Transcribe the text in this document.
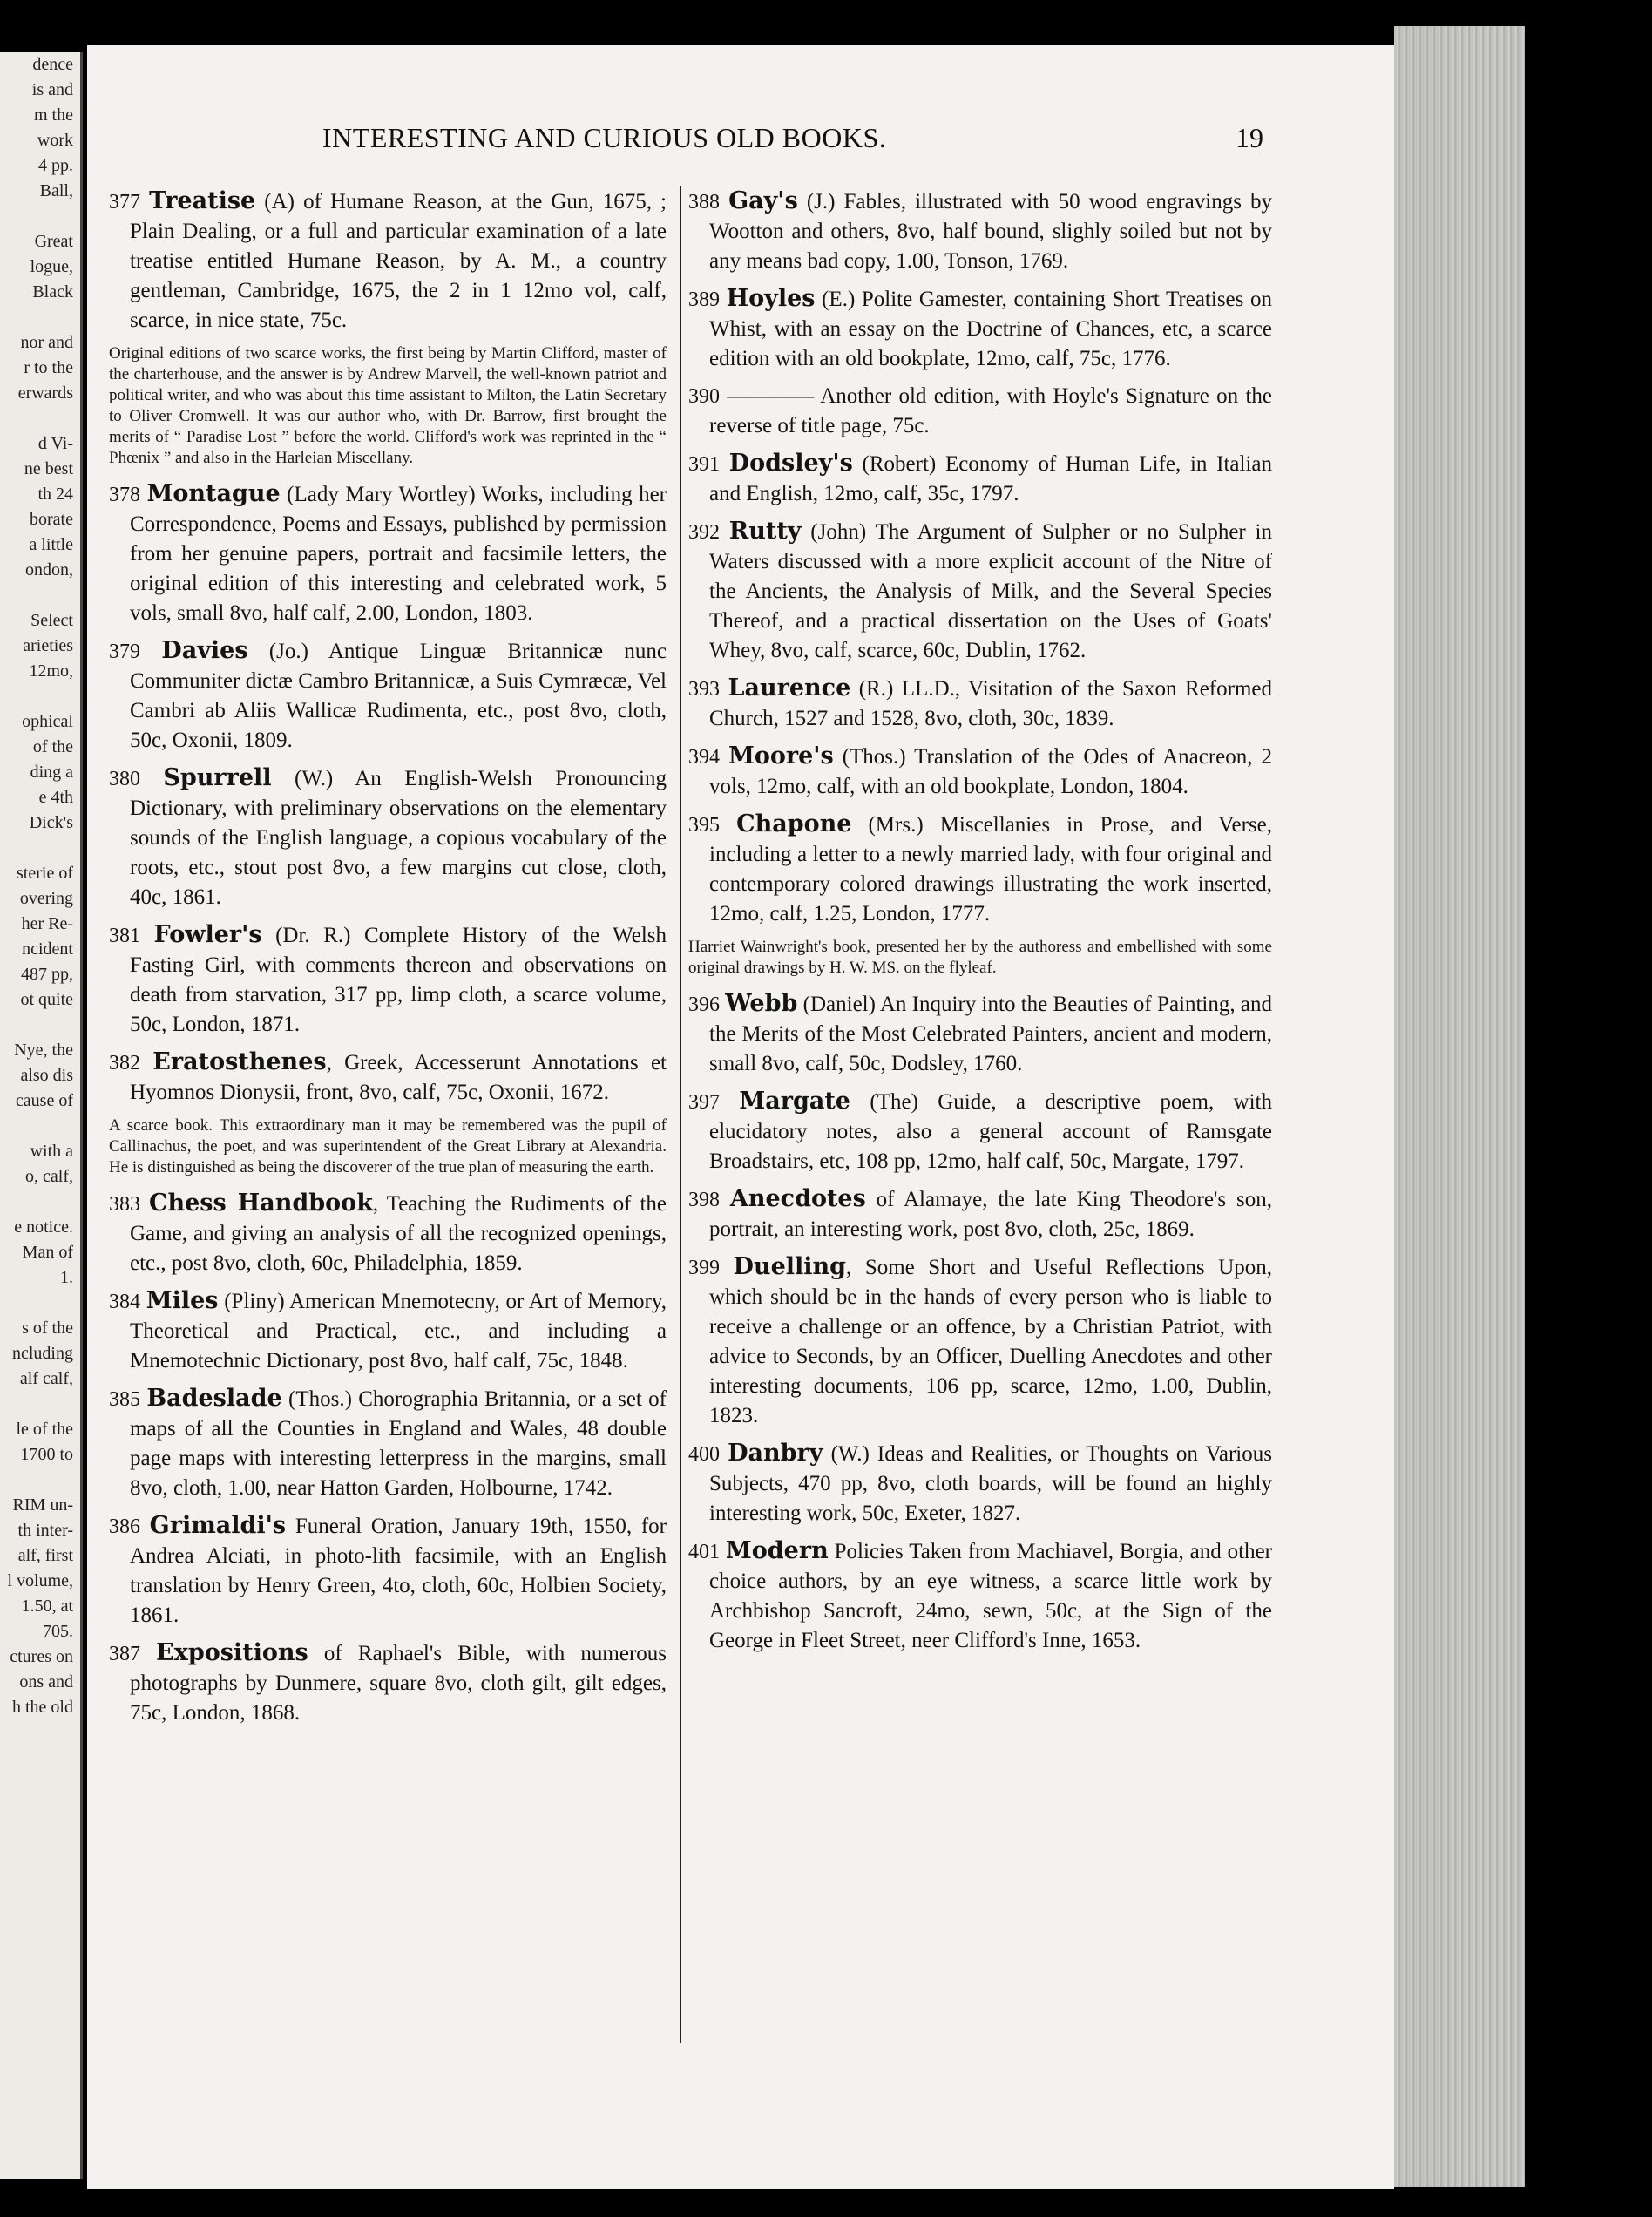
dence
is and
m the
work
4 pp.
Ball,

Great
logue,
Black

nor and
r to the
erwards

d Vi-
ne best
th 24
borate
a little
ondon,

Select
arieties
12mo,

ophical
of the
ding a
e 4th
Dick's

sterie of
overing
her Re-
ncident
487 pp,
ot quite

Nye, the
also dis
cause of

with a
o, calf,

e notice.
Man of
1.

s of the
ncluding
alf calf,

le of the
1700 to

RIM un-
th inter-
alf, first
l volume,
1.50, at
705.
ctures on
ons and
h the old
INTERESTING AND CURIOUS OLD BOOKS.	19
377 Treatise (A) of Humane Reason, at the Gun, 1675, ; Plain Dealing, or a full and particular examination of a late treatise entitled Humane Reason, by A. M., a country gentleman, Cambridge, 1675, the 2 in 1 12mo vol, calf, scarce, in nice state, 75c.
Original editions of two scarce works, the first being by Martin Clifford, master of the charterhouse, and the answer is by Andrew Marvell, the well-known patriot and political writer, and who was about this time assistant to Milton, the Latin Secretary to Oliver Cromwell. It was our author who, with Dr. Barrow, first brought the merits of “ Paradise Lost ” before the world. Clifford's work was reprinted in the “ Phœnix ” and also in the Harleian Miscellany.
378 Montague (Lady Mary Wortley) Works, including her Correspondence, Poems and Essays, published by permission from her genuine papers, portrait and facsimile letters, the original edition of this interesting and celebrated work, 5 vols, small 8vo, half calf, 2.00, London, 1803.
379 Davies (Jo.) Antique Linguæ Britannicæ nunc Communiter dictæ Cambro Britannicæ, a Suis Cymræcæ, Vel Cambri ab Aliis Wallicæ Rudimenta, etc., post 8vo, cloth, 50c, Oxonii, 1809.
380 Spurrell (W.) An English-Welsh Pronouncing Dictionary, with preliminary observations on the elementary sounds of the English language, a copious vocabulary of the roots, etc., stout post 8vo, a few margins cut close, cloth, 40c, 1861.
381 Fowler's (Dr. R.) Complete History of the Welsh Fasting Girl, with comments thereon and observations on death from starvation, 317 pp, limp cloth, a scarce volume, 50c, London, 1871.
382 Eratosthenes, Greek, Accesserunt Annotations et Hyomnos Dionysii, front, 8vo, calf, 75c, Oxonii, 1672.
A scarce book. This extraordinary man it may be remembered was the pupil of Callinachus, the poet, and was superintendent of the Great Library at Alexandria. He is distinguished as being the discoverer of the true plan of measuring the earth.
383 Chess Handbook, Teaching the Rudiments of the Game, and giving an analysis of all the recognized openings, etc., post 8vo, cloth, 60c, Philadelphia, 1859.
384 Miles (Pliny) American Mnemotecny, or Art of Memory, Theoretical and Practical, etc., and including a Mnemotechnic Dictionary, post 8vo, half calf, 75c, 1848.
385 Badeslade (Thos.) Chorographia Britannia, or a set of maps of all the Counties in England and Wales, 48 double page maps with interesting letterpress in the margins, small 8vo, cloth, 1.00, near Hatton Garden, Holbourne, 1742.
386 Grimaldi's Funeral Oration, January 19th, 1550, for Andrea Alciati, in photo-lith facsimile, with an English translation by Henry Green, 4to, cloth, 60c, Holbien Society, 1861.
387 Expositions of Raphael's Bible, with numerous photographs by Dunmere, square 8vo, cloth gilt, gilt edges, 75c, London, 1868.
388 Gay's (J.) Fables, illustrated with 50 wood engravings by Wootton and others, 8vo, half bound, slighly soiled but not by any means bad copy, 1.00, Tonson, 1769.
389 Hoyles (E.) Polite Gamester, containing Short Treatises on Whist, with an essay on the Doctrine of Chances, etc, a scarce edition with an old bookplate, 12mo, calf, 75c, 1776.
390 ———— Another old edition, with Hoyle's Signature on the reverse of title page, 75c.
391 Dodsley's (Robert) Economy of Human Life, in Italian and English, 12mo, calf, 35c, 1797.
392 Rutty (John) The Argument of Sulpher or no Sulpher in Waters discussed with a more explicit account of the Nitre of the Ancients, the Analysis of Milk, and the Several Species Thereof, and a practical dissertation on the Uses of Goats' Whey, 8vo, calf, scarce, 60c, Dublin, 1762.
393 Laurence (R.) LL.D., Visitation of the Saxon Reformed Church, 1527 and 1528, 8vo, cloth, 30c, 1839.
394 Moore's (Thos.) Translation of the Odes of Anacreon, 2 vols, 12mo, calf, with an old bookplate, London, 1804.
395 Chapone (Mrs.) Miscellanies in Prose, and Verse, including a letter to a newly married lady, with four original and contemporary colored drawings illustrating the work inserted, 12mo, calf, 1.25, London, 1777.
Harriet Wainwright's book, presented her by the authoress and embellished with some original drawings by H. W. MS. on the flyleaf.
396 Webb (Daniel) An Inquiry into the Beauties of Painting, and the Merits of the Most Celebrated Painters, ancient and modern, small 8vo, calf, 50c, Dodsley, 1760.
397 Margate (The) Guide, a descriptive poem, with elucidatory notes, also a general account of Ramsgate Broadstairs, etc, 108 pp, 12mo, half calf, 50c, Margate, 1797.
398 Anecdotes of Alamaye, the late King Theodore's son, portrait, an interesting work, post 8vo, cloth, 25c, 1869.
399 Duelling, Some Short and Useful Reflections Upon, which should be in the hands of every person who is liable to receive a challenge or an offence, by a Christian Patriot, with advice to Seconds, by an Officer, Duelling Anecdotes and other interesting documents, 106 pp, scarce, 12mo, 1.00, Dublin, 1823.
400 Danbry (W.) Ideas and Realities, or Thoughts on Various Subjects, 470 pp, 8vo, cloth boards, will be found an highly interesting work, 50c, Exeter, 1827.
401 Modern Policies Taken from Machiavel, Borgia, and other choice authors, by an eye witness, a scarce little work by Archbishop Sancroft, 24mo, sewn, 50c, at the Sign of the George in Fleet Street, neer Clifford's Inne, 1653.
